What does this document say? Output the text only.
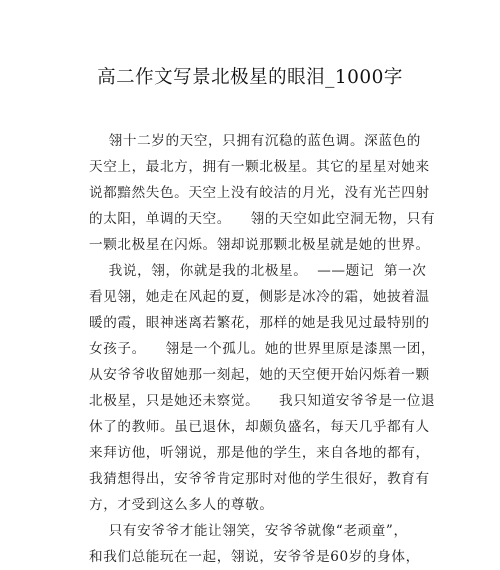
高二作文写景北极星的眼泪_1000字
翎十二岁的天空，只拥有沉稳的蓝色调。深蓝色的
天空上，最北方，拥有一颗北极星。其它的星星对她来
说都黯然失色。天空上没有皎洁的月光，没有光芒四射
的太阳，单调的天空。    翎的天空如此空洞无物，只有
一颗北极星在闪烁。翎却说那颗北极星就是她的世界。
我说，翎，你就是我的北极星。  ——题记  第一次
看见翎，她走在风起的夏，侧影是冰冷的霜，她披着温
暖的霞，眼神迷离若繁花，那样的她是我见过最特别的
女孩子。    翎是一个孤儿。她的世界里原是漆黑一团，
从安爷爷收留她那一刻起，她的天空便开始闪烁着一颗
北极星，只是她还未察觉。    我只知道安爷爷是一位退
休了的教师。虽已退休，却颇负盛名，每天几乎都有人
来拜访他，听翎说，那是他的学生，来自各地的都有，
我猜想得出，安爷爷肯定那时对他的学生很好，教育有
方，才受到这么多人的尊敬。
只有安爷爷才能让翎笑，安爷爷就像“老顽童”，
和我们总能玩在一起，翎说，安爷爷是60岁的身体，
